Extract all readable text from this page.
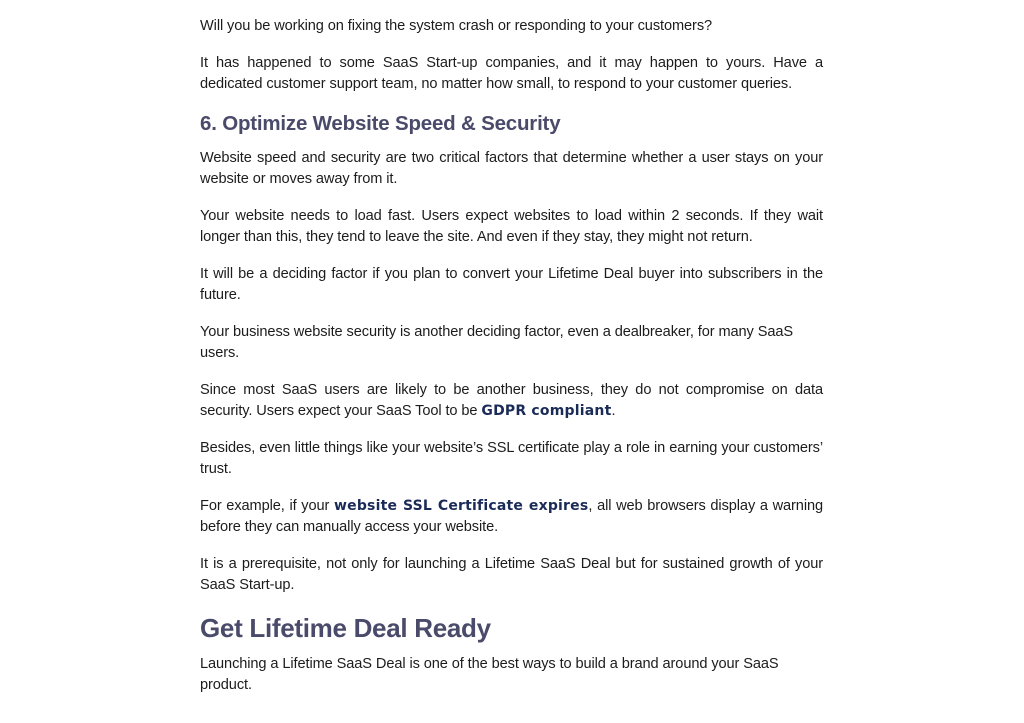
Will you be working on fixing the system crash or responding to your customers?

It has happened to some SaaS Start-up companies, and it may happen to yours. Have a dedicated customer support team, no matter how small, to respond to your customer queries.

6. Optimize Website Speed & Security

Website speed and security are two critical factors that determine whether a user stays on your website or moves away from it.

Your website needs to load fast. Users expect websites to load within 2 seconds. If they wait longer than this, they tend to leave the site. And even if they stay, they might not return.

It will be a deciding factor if you plan to convert your Lifetime Deal buyer into subscribers in the future.

Your business website security is another deciding factor, even a dealbreaker, for many SaaS users.

Since most SaaS users are likely to be another business, they do not compromise on data security. Users expect your SaaS Tool to be GDPR compliant.

Besides, even little things like your website’s SSL certificate play a role in earning your customers’ trust.

For example, if your website SSL Certificate expires, all web browsers display a warning before they can manually access your website.

It is a prerequisite, not only for launching a Lifetime SaaS Deal but for sustained growth of your SaaS Start-up.

Get Lifetime Deal Ready

Launching a Lifetime SaaS Deal is one of the best ways to build a brand around your SaaS product.
